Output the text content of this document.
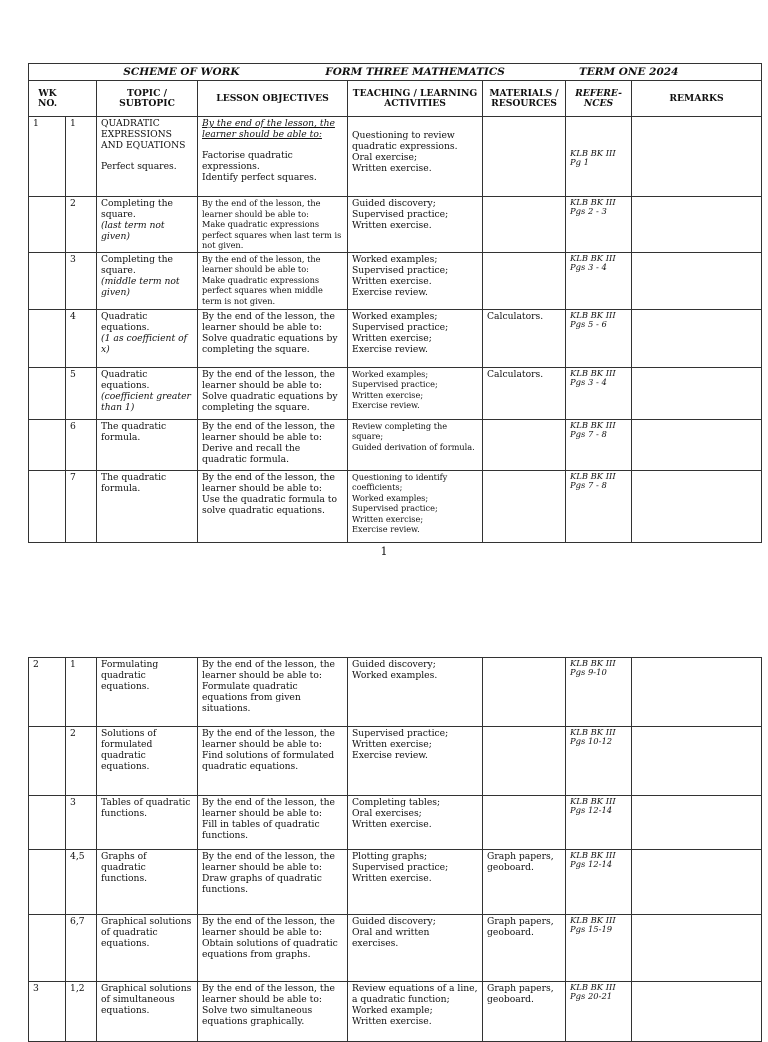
SCHEME OF WORK FORM THREE MATHEMATICS TERM ONE 2024							
WK NO.		TOPIC / SUBTOPIC	LESSON OBJECTIVES	TEACHING / LEARNING ACTIVITIES	MATERIALS / RESOURCES	REFERE-NCES	REMARKS
1	1	QUADRATIC EXPRESSIONS AND EQUATIONS
Perfect squares.	By the end of the lesson, the learner should be able to:
Factorise quadratic expressions.
Identify perfect squares.	Questioning to review quadratic expressions.
Oral exercise;
Written exercise.		KLB BK III
Pg 1	
	2	Completing the square.
(last term not given)	By the end of the lesson, the learner should be able to:
Make quadratic expressions perfect squares when last term is not given.	Guided discovery;
Supervised practice;
Written exercise.		KLB BK III
Pgs 2 - 3	
	3	Completing the square.
(middle term not given)	By the end of the lesson, the learner should be able to:
Make quadratic expressions perfect squares when middle term is not given.	Worked examples;
Supervised practice;
Written exercise.
Exercise review.		KLB BK III
Pgs 3 - 4	
	4	Quadratic equations.
(1 as coefficient of x)	By the end of the lesson, the learner should be able to:
Solve quadratic equations by completing the square.	Worked examples;
Supervised practice;
Written exercise;
Exercise review.	Calculators.	KLB BK III
Pgs 5 - 6	
	5	Quadratic equations.
(coefficient greater than 1)	By the end of the lesson, the learner should be able to:
Solve quadratic equations by completing the square.	Worked examples;
Supervised practice;
Written exercise;
Exercise review.	Calculators.	KLB BK III
Pgs 3 - 4	
	6	The quadratic formula.	By the end of the lesson, the learner should be able to:
Derive and recall the quadratic formula.	Review completing the square;
Guided derivation of formula.		KLB BK III
Pgs 7 - 8	
	7	The quadratic formula.	By the end of the lesson, the learner should be able to:
Use the quadratic formula to solve quadratic equations.	Questioning to identify coefficients;
Worked examples;
Supervised practice;
Written exercise;
Exercise review.		KLB BK III
Pgs 7 - 8	
1
2	1	Formulating quadratic equations.	By the end of the lesson, the learner should be able to:
Formulate quadratic equations from given situations.	Guided discovery;
Worked examples.		KLB BK III
Pgs 9-10	
	2	Solutions of formulated quadratic equations.	By the end of the lesson, the learner should be able to:
Find solutions of formulated quadratic equations.	Supervised practice;
Written exercise;
Exercise review.		KLB BK III
Pgs 10-12	
	3	Tables of quadratic functions.	By the end of the lesson, the learner should be able to:
Fill in tables of quadratic functions.	Completing tables;
Oral exercises;
Written exercise.		KLB BK III
Pgs 12-14	
	4,5	Graphs of quadratic functions.	By the end of the lesson, the learner should be able to:
Draw graphs of quadratic functions.	Plotting graphs;
Supervised practice;
Written exercise.	Graph papers, geoboard.	KLB BK III
Pgs 12-14	
	6,7	Graphical solutions of quadratic equations.	By the end of the lesson, the learner should be able to:
Obtain solutions of quadratic equations from graphs.	Guided discovery;
Oral and written exercises.	Graph papers, geoboard.	KLB BK III
Pgs 15-19	
3	1,2	Graphical solutions of simultaneous equations.	By the end of the lesson, the learner should be able to:
Solve two simultaneous equations graphically.	Review equations of a line, a quadratic function;
Worked example;
Written exercise.	Graph papers, geoboard.	KLB BK III
Pgs 20-21	
